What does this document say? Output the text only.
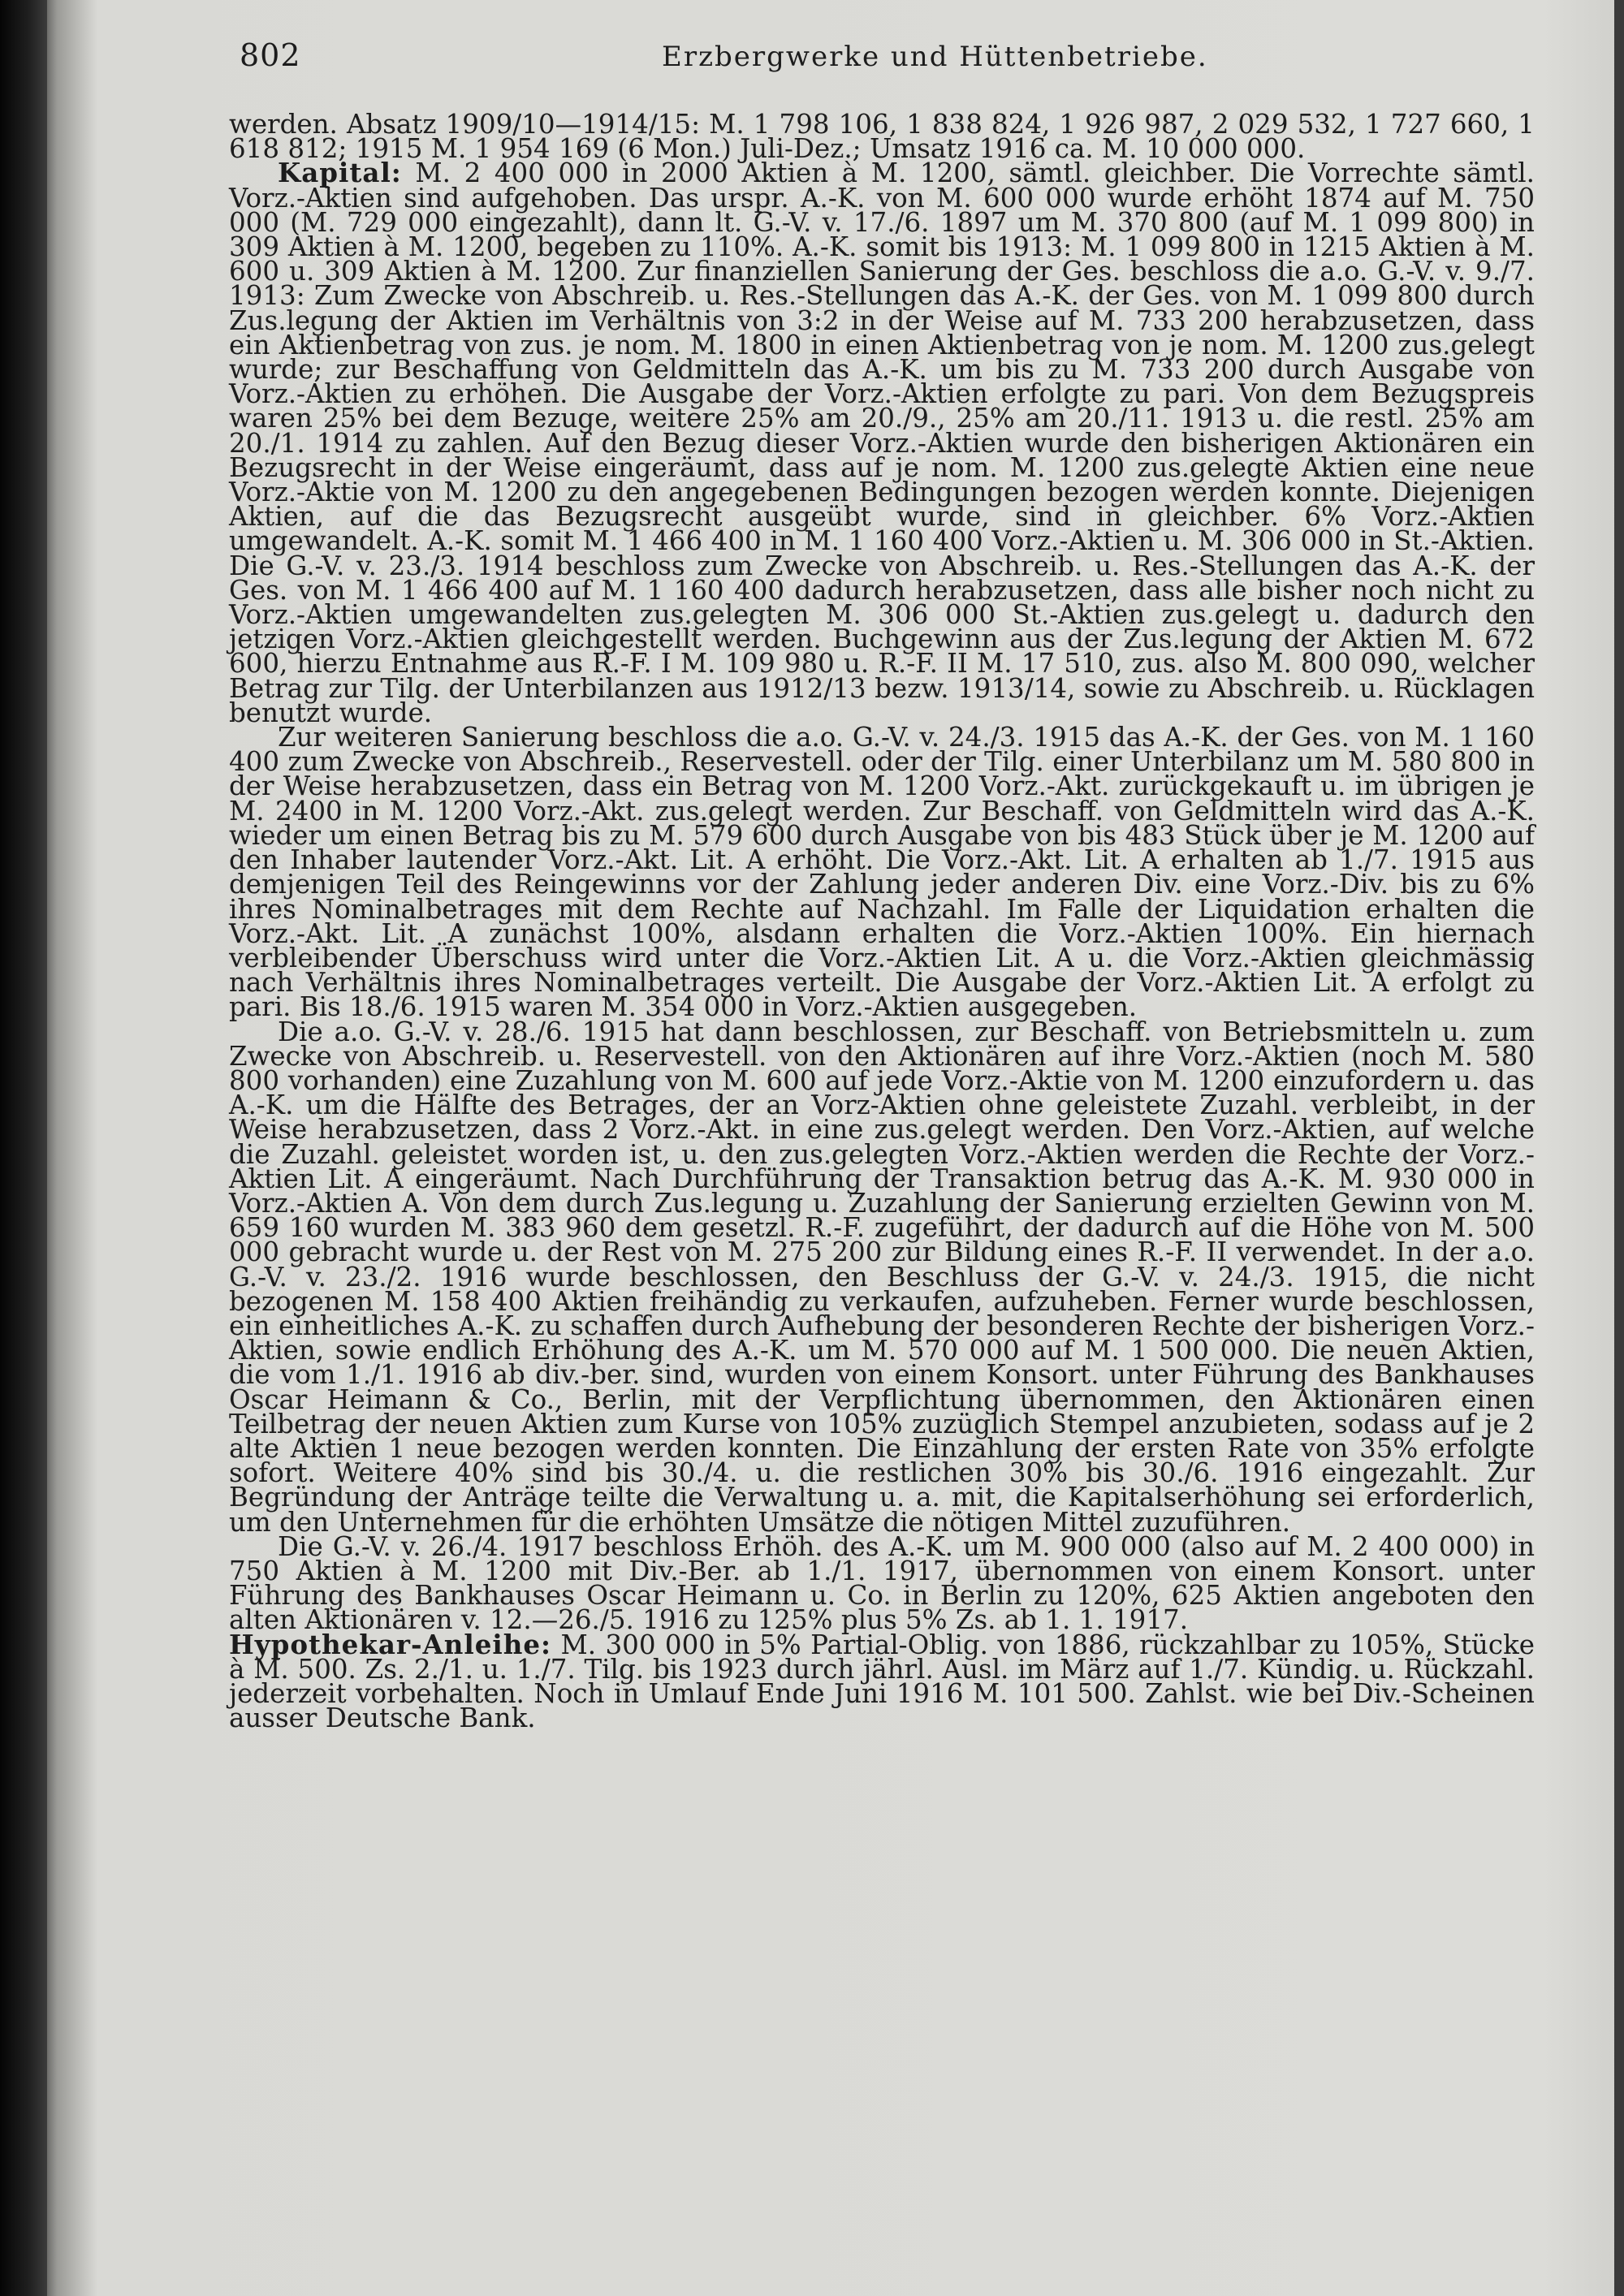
802	Erzbergwerke und Hüttenbetriebe.

werden. Absatz 1909/10—1914/15: M. 1 798 106, 1 838 824, 1 926 987, 2 029 532, 1 727 660, 1 618 812; 1915 M. 1 954 169 (6 Mon.) Juli-Dez.; Umsatz 1916 ca. M. 10 000 000.

Kapital: M. 2 400 000 in 2000 Aktien à M. 1200, sämtl. gleichber. Die Vorrechte sämtl. Vorz.-Aktien sind aufgehoben. Das urspr. A.-K. von M. 600 000 wurde erhöht 1874 auf M. 750 000 (M. 729 000 eingezahlt), dann lt. G.-V. v. 17./6. 1897 um M. 370 800 (auf M. 1 099 800) in 309 Aktien à M. 1200, begeben zu 110%. A.-K. somit bis 1913: M. 1 099 800 in 1215 Aktien à M. 600 u. 309 Aktien à M. 1200. Zur finanziellen Sanierung der Ges. beschloss die a.o. G.-V. v. 9./7. 1913: Zum Zwecke von Abschreib. u. Res.-Stellungen das A.-K. der Ges. von M. 1 099 800 durch Zus.legung der Aktien im Verhältnis von 3:2 in der Weise auf M. 733 200 herabzusetzen, dass ein Aktienbetrag von zus. je nom. M. 1800 in einen Aktienbetrag von je nom. M. 1200 zus.gelegt wurde; zur Beschaffung von Geldmitteln das A.-K. um bis zu M. 733 200 durch Ausgabe von Vorz.-Aktien zu erhöhen. Die Ausgabe der Vorz.-Aktien erfolgte zu pari. Von dem Bezugspreis waren 25% bei dem Bezuge, weitere 25% am 20./9., 25% am 20./11. 1913 u. die restl. 25% am 20./1. 1914 zu zahlen. Auf den Bezug dieser Vorz.-Aktien wurde den bisherigen Aktionären ein Bezugsrecht in der Weise eingeräumt, dass auf je nom. M. 1200 zus.gelegte Aktien eine neue Vorz.-Aktie von M. 1200 zu den angegebenen Bedingungen bezogen werden konnte. Diejenigen Aktien, auf die das Bezugsrecht ausgeübt wurde, sind in gleichber. 6% Vorz.-Aktien umgewandelt. A.-K. somit M. 1 466 400 in M. 1 160 400 Vorz.-Aktien u. M. 306 000 in St.-Aktien. Die G.-V. v. 23./3. 1914 beschloss zum Zwecke von Abschreib. u. Res.-Stellungen das A.-K. der Ges. von M. 1 466 400 auf M. 1 160 400 dadurch herabzusetzen, dass alle bisher noch nicht zu Vorz.-Aktien umgewandelten zus.gelegten M. 306 000 St.-Aktien zus.gelegt u. dadurch den jetzigen Vorz.-Aktien gleichgestellt werden. Buchgewinn aus der Zus.legung der Aktien M. 672 600, hierzu Entnahme aus R.-F. I M. 109 980 u. R.-F. II M. 17 510, zus. also M. 800 090, welcher Betrag zur Tilg. der Unterbilanzen aus 1912/13 bezw. 1913/14, sowie zu Abschreib. u. Rücklagen benutzt wurde.

Zur weiteren Sanierung beschloss die a.o. G.-V. v. 24./3. 1915 das A.-K. der Ges. von M. 1 160 400 zum Zwecke von Abschreib., Reservestell. oder der Tilg. einer Unterbilanz um M. 580 800 in der Weise herabzusetzen, dass ein Betrag von M. 1200 Vorz.-Akt. zurückgekauft u. im übrigen je M. 2400 in M. 1200 Vorz.-Akt. zus.gelegt werden. Zur Beschaff. von Geldmitteln wird das A.-K. wieder um einen Betrag bis zu M. 579 600 durch Ausgabe von bis 483 Stück über je M. 1200 auf den Inhaber lautender Vorz.-Akt. Lit. A erhöht. Die Vorz.-Akt. Lit. A erhalten ab 1./7. 1915 aus demjenigen Teil des Reingewinns vor der Zahlung jeder anderen Div. eine Vorz.-Div. bis zu 6% ihres Nominalbetrages mit dem Rechte auf Nachzahl. Im Falle der Liquidation erhalten die Vorz.-Akt. Lit. A zunächst 100%, alsdann erhalten die Vorz.-Aktien 100%. Ein hiernach verbleibender Überschuss wird unter die Vorz.-Aktien Lit. A u. die Vorz.-Aktien gleichmässig nach Verhältnis ihres Nominalbetrages verteilt. Die Ausgabe der Vorz.-Aktien Lit. A erfolgt zu pari. Bis 18./6. 1915 waren M. 354 000 in Vorz.-Aktien ausgegeben.

Die a.o. G.-V. v. 28./6. 1915 hat dann beschlossen, zur Beschaff. von Betriebsmitteln u. zum Zwecke von Abschreib. u. Reservestell. von den Aktionären auf ihre Vorz.-Aktien (noch M. 580 800 vorhanden) eine Zuzahlung von M. 600 auf jede Vorz.-Aktie von M. 1200 einzufordern u. das A.-K. um die Hälfte des Betrages, der an Vorz-Aktien ohne geleistete Zuzahl. verbleibt, in der Weise herabzusetzen, dass 2 Vorz.-Akt. in eine zus.gelegt werden. Den Vorz.-Aktien, auf welche die Zuzahl. geleistet worden ist, u. den zus.gelegten Vorz.-Aktien werden die Rechte der Vorz.-Aktien Lit. A eingeräumt. Nach Durchführung der Transaktion betrug das A.-K. M. 930 000 in Vorz.-Aktien A. Von dem durch Zus.legung u. Zuzahlung der Sanierung erzielten Gewinn von M. 659 160 wurden M. 383 960 dem gesetzl. R.-F. zugeführt, der dadurch auf die Höhe von M. 500 000 gebracht wurde u. der Rest von M. 275 200 zur Bildung eines R.-F. II verwendet. In der a.o. G.-V. v. 23./2. 1916 wurde beschlossen, den Beschluss der G.-V. v. 24./3. 1915, die nicht bezogenen M. 158 400 Aktien freihändig zu verkaufen, aufzuheben. Ferner wurde beschlossen, ein einheitliches A.-K. zu schaffen durch Aufhebung der besonderen Rechte der bisherigen Vorz.-Aktien, sowie endlich Erhöhung des A.-K. um M. 570 000 auf M. 1 500 000. Die neuen Aktien, die vom 1./1. 1916 ab div.-ber. sind, wurden von einem Konsort. unter Führung des Bankhauses Oscar Heimann & Co., Berlin, mit der Verpflichtung übernommen, den Aktionären einen Teilbetrag der neuen Aktien zum Kurse von 105% zuzüglich Stempel anzubieten, sodass auf je 2 alte Aktien 1 neue bezogen werden konnten. Die Einzahlung der ersten Rate von 35% erfolgte sofort. Weitere 40% sind bis 30./4. u. die restlichen 30% bis 30./6. 1916 eingezahlt. Zur Begründung der Anträge teilte die Verwaltung u. a. mit, die Kapitalserhöhung sei erforderlich, um den Unternehmen für die erhöhten Umsätze die nötigen Mittel zuzuführen.

Die G.-V. v. 26./4. 1917 beschloss Erhöh. des A.-K. um M. 900 000 (also auf M. 2 400 000) in 750 Aktien à M. 1200 mit Div.-Ber. ab 1./1. 1917, übernommen von einem Konsort. unter Führung des Bankhauses Oscar Heimann u. Co. in Berlin zu 120%, 625 Aktien angeboten den alten Aktionären v. 12.—26./5. 1916 zu 125% plus 5% Zs. ab 1. 1. 1917.

Hypothekar-Anleihe: M. 300 000 in 5% Partial-Oblig. von 1886, rückzahlbar zu 105%, Stücke à M. 500. Zs. 2./1. u. 1./7. Tilg. bis 1923 durch jährl. Ausl. im März auf 1./7. Kündig. u. Rückzahl. jederzeit vorbehalten. Noch in Umlauf Ende Juni 1916 M. 101 500. Zahlst. wie bei Div.-Scheinen ausser Deutsche Bank.
